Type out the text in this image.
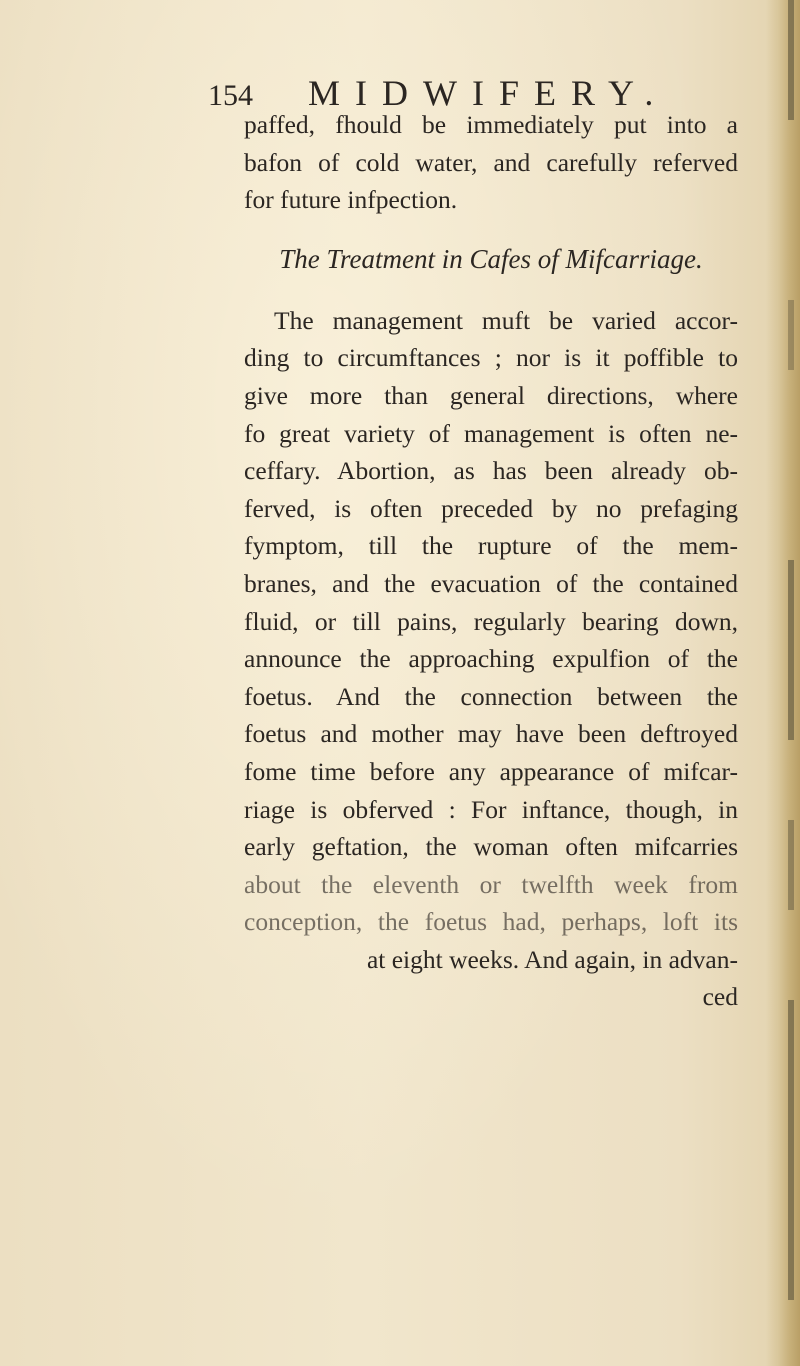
154 MIDWIFERY.

paffed, fhould be immediately put into a
bafon of cold water, and carefully referved
for future infpection.

The Treatment in Cafes of Mifcarriage.

The management muft be varied accor-
ding to circumftances ; nor is it poffible to
give more than general directions, where
fo great variety of management is often ne-
ceffary. Abortion, as has been already ob-
ferved, is often preceded by no prefaging
fymptom, till the rupture of the mem-
branes, and the evacuation of the contained
fluid, or till pains, regularly bearing down,
announce the approaching expulfion of the
foetus. And the connection between the
foetus and mother may have been deftroyed
fome time before any appearance of mifcar-
riage is obferved : For inftance, though, in
early geftation, the woman often mifcarries
about the eleventh or twelfth week from
conception, the foetus had, perhaps, loft its
at eight weeks. And again, in advan-
ced
